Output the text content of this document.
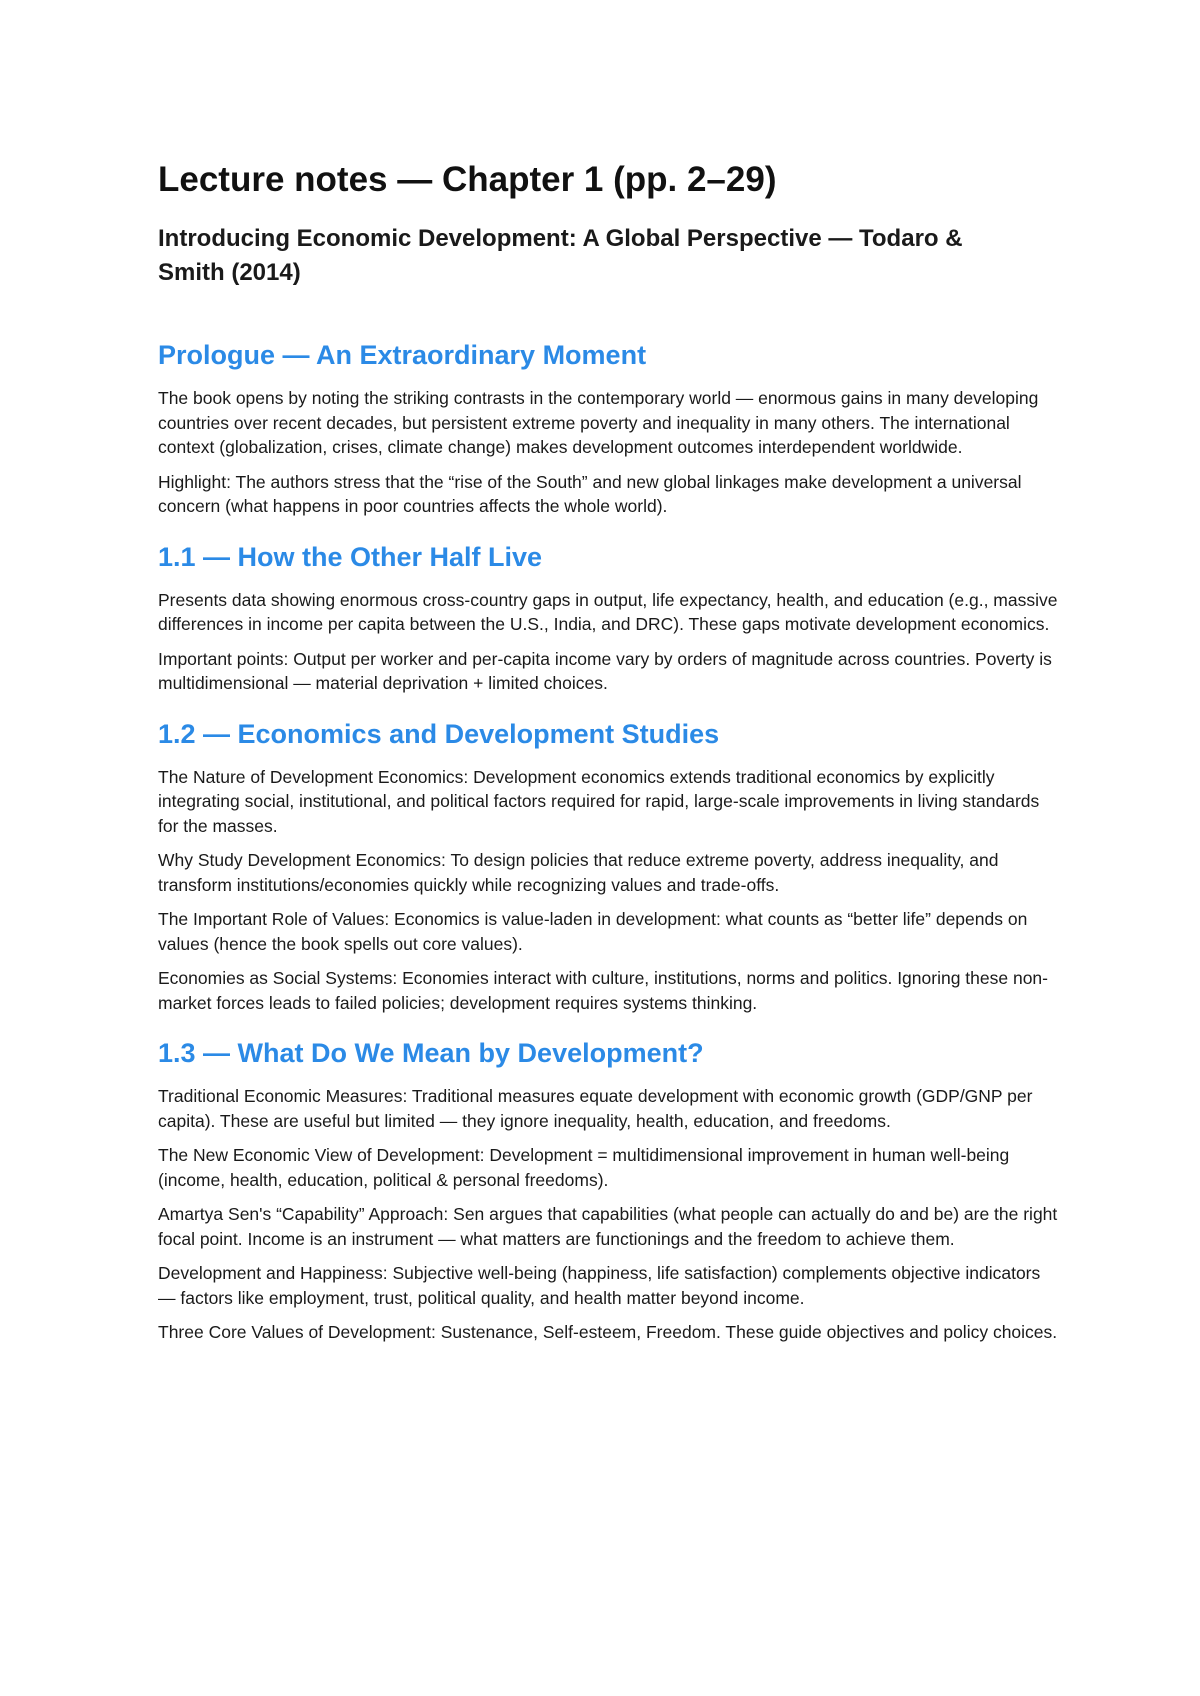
Lecture notes — Chapter 1 (pp. 2–29)
Introducing Economic Development: A Global Perspective — Todaro & Smith (2014)
Prologue — An Extraordinary Moment

The book opens by noting the striking contrasts in the contemporary world — enormous gains in many developing countries over recent decades, but persistent extreme poverty and inequality in many others. The international context (globalization, crises, climate change) makes development outcomes interdependent worldwide.

Highlight: The authors stress that the “rise of the South” and new global linkages make development a universal concern (what happens in poor countries affects the whole world).

1.1 — How the Other Half Live

Presents data showing enormous cross-country gaps in output, life expectancy, health, and education (e.g., massive differences in income per capita between the U.S., India, and DRC). These gaps motivate development economics.

Important points: Output per worker and per-capita income vary by orders of magnitude across countries. Poverty is multidimensional — material deprivation + limited choices.

1.2 — Economics and Development Studies

The Nature of Development Economics: Development economics extends traditional economics by explicitly integrating social, institutional, and political factors required for rapid, large-scale improvements in living standards for the masses.

Why Study Development Economics: To design policies that reduce extreme poverty, address inequality, and transform institutions/economies quickly while recognizing values and trade-offs.

The Important Role of Values: Economics is value-laden in development: what counts as “better life” depends on values (hence the book spells out core values).

Economies as Social Systems: Economies interact with culture, institutions, norms and politics. Ignoring these non-market forces leads to failed policies; development requires systems thinking.

1.3 — What Do We Mean by Development?

Traditional Economic Measures: Traditional measures equate development with economic growth (GDP/GNP per capita). These are useful but limited — they ignore inequality, health, education, and freedoms.

The New Economic View of Development: Development = multidimensional improvement in human well-being (income, health, education, political & personal freedoms).

Amartya Sen's “Capability” Approach: Sen argues that capabilities (what people can actually do and be) are the right focal point. Income is an instrument — what matters are functionings and the freedom to achieve them.

Development and Happiness: Subjective well-being (happiness, life satisfaction) complements objective indicators — factors like employment, trust, political quality, and health matter beyond income.

Three Core Values of Development: Sustenance, Self-esteem, Freedom. These guide objectives and policy choices.
